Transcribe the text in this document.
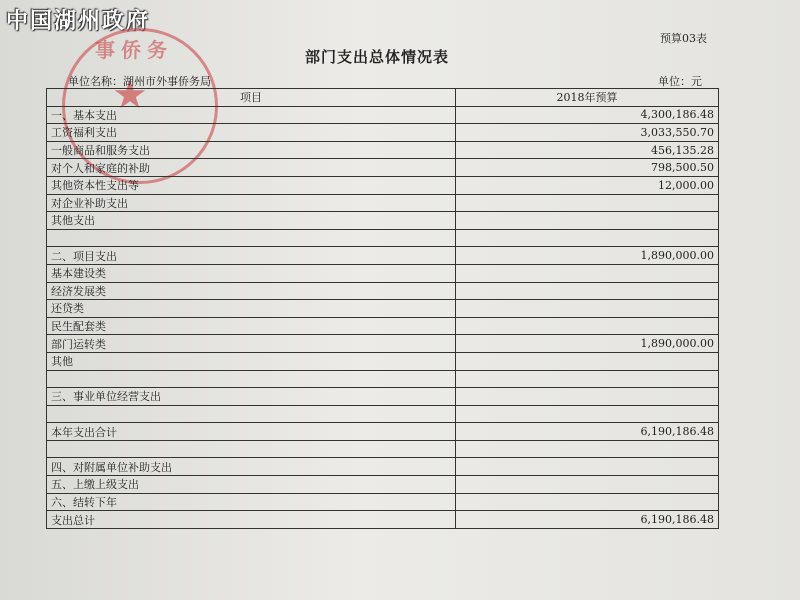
中国湖州政府
事侨务
★
预算03表
部门支出总体情况表
单位名称：湖州市外事侨务局	单位：元
项目	2018年预算
一、基本支出	4,300,186.48
工资福利支出	3,033,550.70
一般商品和服务支出	456,135.28
对个人和家庭的补助	798,500.50
其他资本性支出等	12,000.00
对企业补助支出	
其他支出	

二、项目支出	1,890,000.00
基本建设类	
经济发展类	
还贷类	
民生配套类	
部门运转类	1,890,000.00
其他	

三、事业单位经营支出	

本年支出合计	6,190,186.48

四、对附属单位补助支出	
五、上缴上级支出	
六、结转下年	
支出总计	6,190,186.48
